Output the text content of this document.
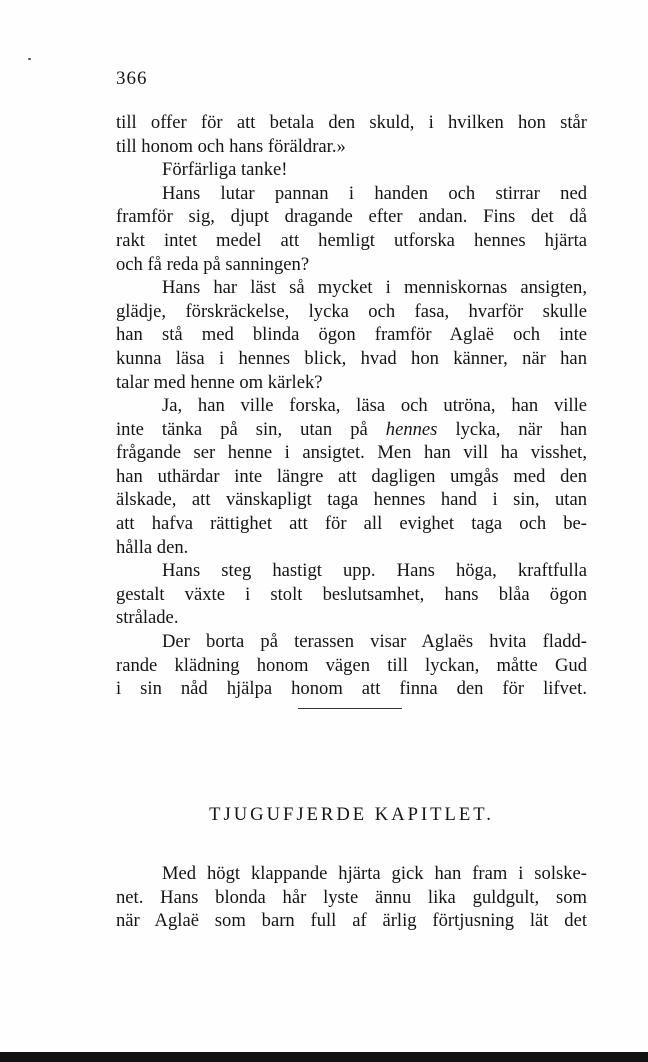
366
till offer för att betala den skuld, i hvilken hon står
till honom och hans föräldrar.»
Förfärliga tanke!
Hans lutar pannan i handen och stirrar ned
framför sig, djupt dragande efter andan. Fins det då
rakt intet medel att hemligt utforska hennes hjärta
och få reda på sanningen?
Hans har läst så mycket i menniskornas ansigten,
glädje, förskräckelse, lycka och fasa, hvarför skulle
han stå med blinda ögon framför Aglaë och inte
kunna läsa i hennes blick, hvad hon känner, när han
talar med henne om kärlek?
Ja, han ville forska, läsa och utröna, han ville
inte tänka på sin, utan på hennes lycka, när han
frågande ser henne i ansigtet. Men han vill ha visshet,
han uthärdar inte längre att dagligen umgås med den
älskade, att vänskapligt taga hennes hand i sin, utan
att hafva rättighet att för all evighet taga och be-
hålla den.
Hans steg hastigt upp. Hans höga, kraftfulla
gestalt växte i stolt beslutsamhet, hans blåa ögon
strålade.
Der borta på terassen visar Aglaës hvita fladd-
rande klädning honom vägen till lyckan, måtte Gud
i sin nåd hjälpa honom att finna den för lifvet.
TJUGUFJERDE KAPITLET.
Med högt klappande hjärta gick han fram i solske-
net. Hans blonda hår lyste ännu lika guldgult, som
när Aglaë som barn full af ärlig förtjusning lät det
